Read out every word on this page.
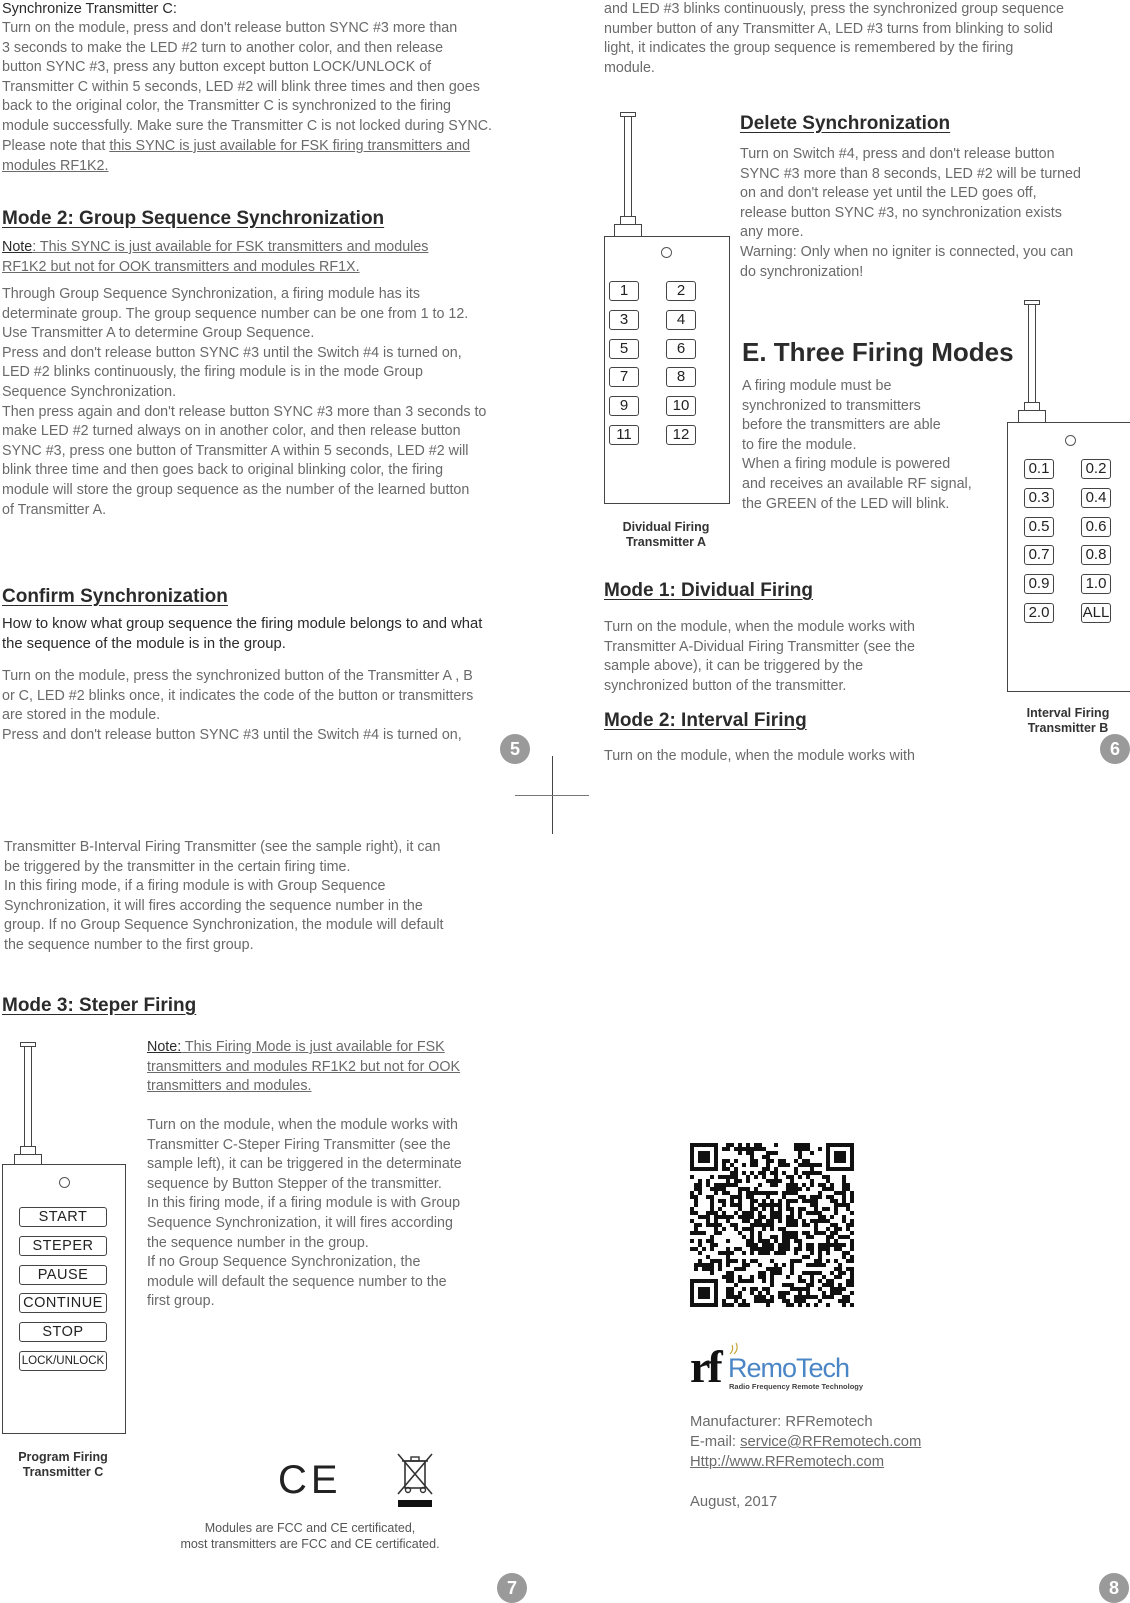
Synchronize Transmitter C:
Turn on the module, press and don't release button SYNC #3 more than
3 seconds to make the LED #2 turn to another color, and then release
button SYNC #3, press any button except button LOCK/UNLOCK of
Transmitter C within 5 seconds, LED #2 will blink three times and then goes
back to the original color, the Transmitter C is synchronized to the firing
module successfully. Make sure the Transmitter C is not locked during SYNC.
Please note that this SYNC is just available for FSK firing transmitters and
modules RF1K2.
Mode 2: Group Sequence Synchronization
Note: This SYNC is just available for FSK transmitters and modules
RF1K2 but not for OOK transmitters and modules RF1X.
Through Group Sequence Synchronization, a firing module has its
determinate group. The group sequence number can be one from 1 to 12.
Use Transmitter A to determine Group Sequence.
Press and don't release button SYNC #3 until the Switch #4 is turned on,
LED #2 blinks continuously, the firing module is in the mode Group
Sequence Synchronization.
Then press again and don't release button SYNC #3 more than 3 seconds to
make LED #2 turned always on in another color, and then release button
SYNC #3, press one button of Transmitter A within 5 seconds, LED #2 will
blink three time and then goes back to original blinking color, the firing
module will store the group sequence as the number of the learned button
of Transmitter A.
Confirm Synchronization
How to know what group sequence the firing module belongs to and what
the sequence of the module is in the group.
Turn on the module, press the synchronized button of the Transmitter A , B
or C, LED #2 blinks once, it indicates the code of the button or transmitters
are stored in the module.
Press and don't release button SYNC #3 until the Switch #4 is turned on,
5
and LED #3 blinks continuously, press the synchronized group sequence
number button of any Transmitter A, LED #3 turns from blinking to solid
light, it indicates the group sequence is remembered by the firing
module.
1	2
3	4
5	6
7	8
9	10
11	12
Dividual Firing
Transmitter A
Delete Synchronization
Turn on Switch #4, press and don't release button
SYNC #3 more than 8 seconds, LED #2 will be turned
on and don't release yet until the LED goes off,
release button SYNC #3, no synchronization exists
any more.
Warning: Only when no igniter is connected, you can
do synchronization!
E. Three Firing Modes
A firing module must be
synchronized to transmitters
before the transmitters are able
to fire the module.
When a firing module is powered
and receives an available RF signal,
the GREEN of the LED will blink.
0.1	0.2
0.3	0.4
0.5	0.6
0.7	0.8
0.9	1.0
2.0	ALL
Interval Firing
Transmitter B
Mode 1: Dividual Firing
Turn on the module, when the module works with
Transmitter A-Dividual Firing Transmitter (see the
sample above), it can be triggered by the
synchronized button of the transmitter.
Mode 2: Interval Firing
Turn on the module, when the module works with	6
Transmitter B-Interval Firing Transmitter (see the sample right), it can
be triggered by the transmitter in the certain firing time.
In this firing mode, if a firing module is with Group Sequence
Synchronization, it will fires according the sequence number in the
group. If no Group Sequence Synchronization, the module will default
the sequence number to the first group.
Mode 3: Steper Firing
START
STEPER
PAUSE
CONTINUE
STOP
LOCK/UNLOCK
Program Firing
Transmitter C
Note: This Firing Mode is just available for FSK
transmitters and modules RF1K2 but not for OOK
transmitters and modules.
Turn on the module, when the module works with
Transmitter C-Steper Firing Transmitter (see the
sample left), it can be triggered in the determinate
sequence by Button Stepper of the transmitter.
In this firing mode, if a firing module is with Group
Sequence Synchronization, it will fires according
the sequence number in the group.
If no Group Sequence Synchronization, the
module will default the sequence number to the
first group.
CE
Modules are FCC and CE certificated,
most transmitters are FCC and CE certificated.
7
rf RemoTech
Radio Frequency Remote Technology
Manufacturer: RFRemotech
E-mail: service@RFRemotech.com
Http://www.RFRemotech.com
August, 2017
8
